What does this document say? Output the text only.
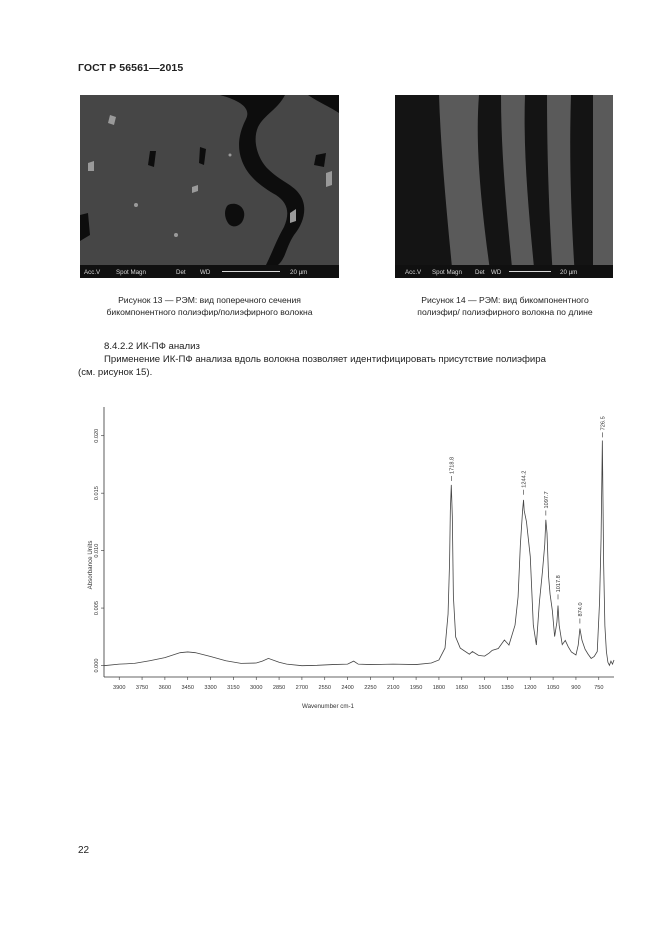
ГОСТ Р 56561—2015
Acc.V	Spot Magn	Det WD	20 µm	Acc.V Spot Magn Det WD	20 µm
Рисунок 13 — РЭМ: вид поперечного сечения
бикомпонентного полиэфир/полиэфирного волокна
Рисунок 14 — РЭМ: вид бикомпонентного
полиэфир/ полиэфирного волокна по длине
8.4.2.2 ИК-ПФ анализ
Применение ИК-ПФ анализа вдоль волокна позволяет идентифицировать присутствие полиэфира
(см. рисунок 15).
3900 3750 3600 3450 3300 3150 3000 2850 2700 2550 2400 2250 2100 1950 1800 1650 1500 1350 1200 1050 900 750
0.000
0.005
0.010
0.015
0.020
1718.8
1244.2
1097.7
1017.8
874.0
726.5
Wavenumber cm-1
Absorbance Units
22
